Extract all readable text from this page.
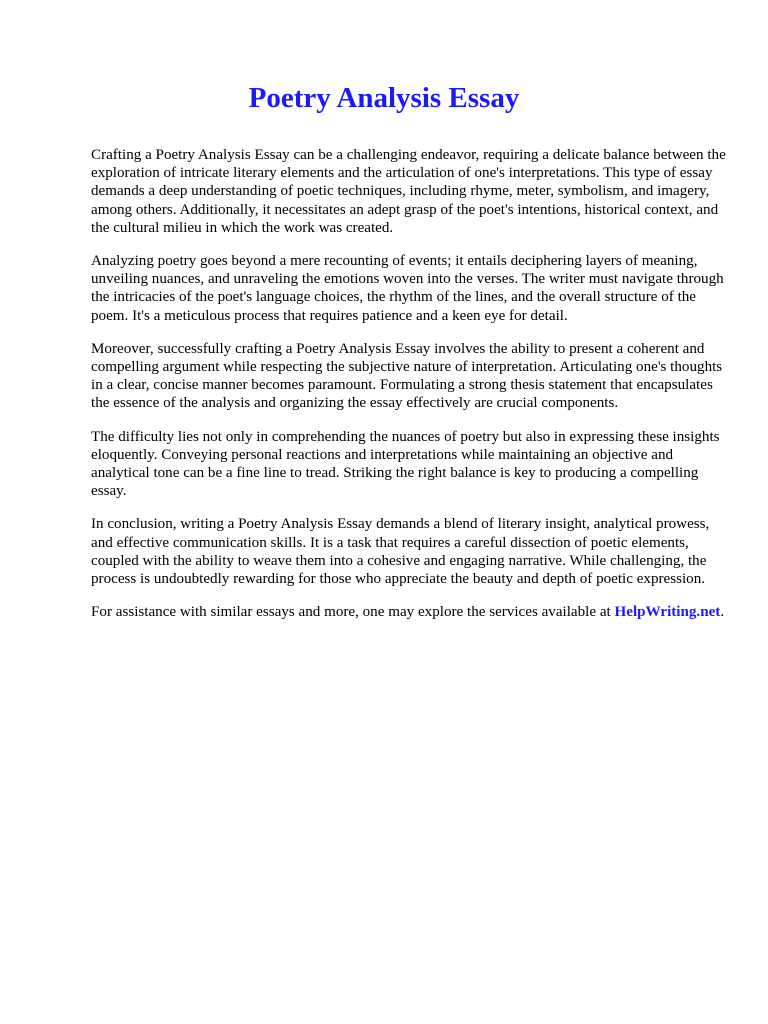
Poetry Analysis Essay

Crafting a Poetry Analysis Essay can be a challenging endeavor, requiring a delicate balance between the exploration of intricate literary elements and the articulation of one's interpretations. This type of essay demands a deep understanding of poetic techniques, including rhyme, meter, symbolism, and imagery, among others. Additionally, it necessitates an adept grasp of the poet's intentions, historical context, and the cultural milieu in which the work was created.

Analyzing poetry goes beyond a mere recounting of events; it entails deciphering layers of meaning, unveiling nuances, and unraveling the emotions woven into the verses. The writer must navigate through the intricacies of the poet's language choices, the rhythm of the lines, and the overall structure of the poem. It's a meticulous process that requires patience and a keen eye for detail.

Moreover, successfully crafting a Poetry Analysis Essay involves the ability to present a coherent and compelling argument while respecting the subjective nature of interpretation. Articulating one's thoughts in a clear, concise manner becomes paramount. Formulating a strong thesis statement that encapsulates the essence of the analysis and organizing the essay effectively are crucial components.

The difficulty lies not only in comprehending the nuances of poetry but also in expressing these insights eloquently. Conveying personal reactions and interpretations while maintaining an objective and analytical tone can be a fine line to tread. Striking the right balance is key to producing a compelling essay.

In conclusion, writing a Poetry Analysis Essay demands a blend of literary insight, analytical prowess, and effective communication skills. It is a task that requires a careful dissection of poetic elements, coupled with the ability to weave them into a cohesive and engaging narrative. While challenging, the process is undoubtedly rewarding for those who appreciate the beauty and depth of poetic expression.

For assistance with similar essays and more, one may explore the services available at HelpWriting.net.
